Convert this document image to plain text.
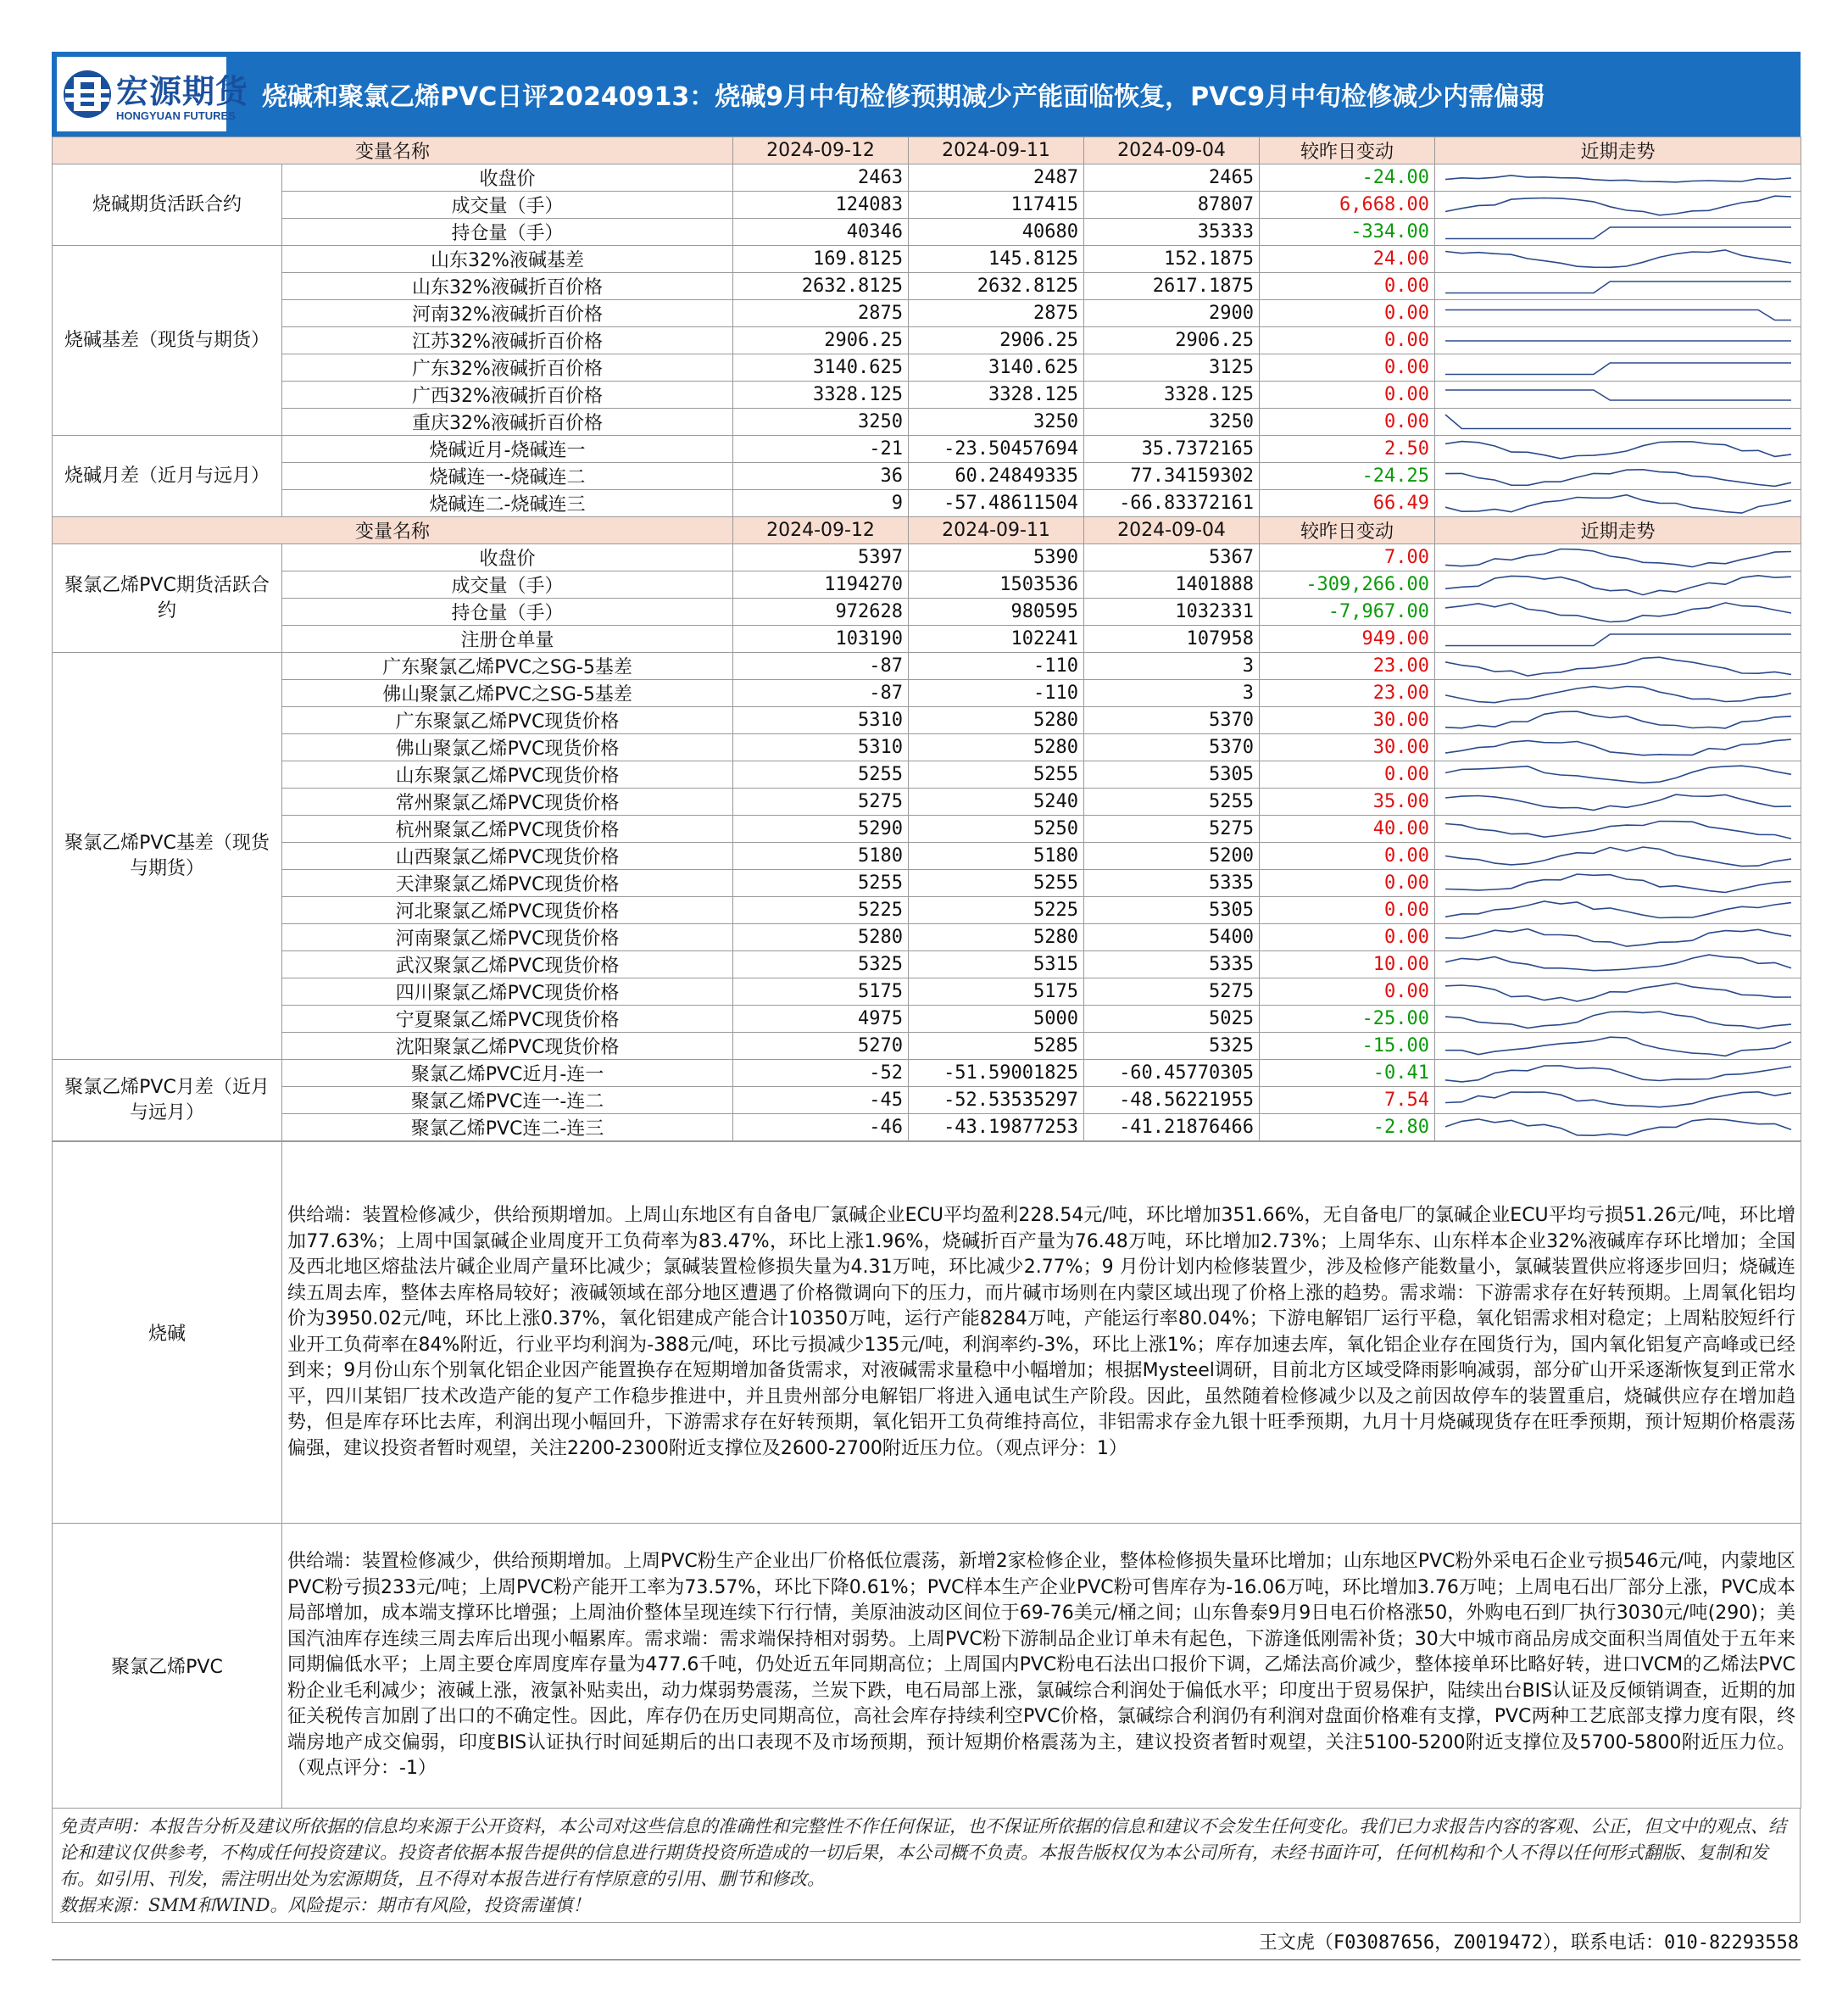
宏源期货
HONGYUAN FUTURES
烧碱和聚氯乙烯PVC日评20240913：烧碱9月中旬检修预期减少产能面临恢复，PVC9月中旬检修减少内需偏弱
变量名称		2024-09-12	2024-09-11	2024-09-04	较昨日变动	近期走势
烧碱期货活跃合约	收盘价	2463	2487	2465	-24.00	

	成交量（手）	124083	117415	87807	6,668.00	

	持仓量（手）	40346	40680	35333	-334.00	

烧碱基差（现货与期货）	山东32%液碱基差	169.8125	145.8125	152.1875	24.00	

	山东32%液碱折百价格	2632.8125	2632.8125	2617.1875	0.00	

	河南32%液碱折百价格	2875	2875	2900	0.00	

	江苏32%液碱折百价格	2906.25	2906.25	2906.25	0.00	

	广东32%液碱折百价格	3140.625	3140.625	3125	0.00	

	广西32%液碱折百价格	3328.125	3328.125	3328.125	0.00	

	重庆32%液碱折百价格	3250	3250	3250	0.00	

烧碱月差（近月与远月）	烧碱近月-烧碱连一	-21	-23.50457694	35.7372165	2.50	

	烧碱连一-烧碱连二	36	60.24849335	77.34159302	-24.25	

	烧碱连二-烧碱连三	9	-57.48611504	-66.83372161	66.49	

变量名称		2024-09-12	2024-09-11	2024-09-04	较昨日变动	近期走势
聚氯乙烯PVC期货活跃合约	收盘价	5397	5390	5367	7.00	

	成交量（手）	1194270	1503536	1401888	-309,266.00	

	持仓量（手）	972628	980595	1032331	-7,967.00	

	注册仓单量	103190	102241	107958	949.00	

聚氯乙烯PVC基差（现货与期货）	广东聚氯乙烯PVC之SG-5基差	-87	-110	3	23.00	

	佛山聚氯乙烯PVC之SG-5基差	-87	-110	3	23.00	

	广东聚氯乙烯PVC现货价格	5310	5280	5370	30.00	

	佛山聚氯乙烯PVC现货价格	5310	5280	5370	30.00	

	山东聚氯乙烯PVC现货价格	5255	5255	5305	0.00	

	常州聚氯乙烯PVC现货价格	5275	5240	5255	35.00	

	杭州聚氯乙烯PVC现货价格	5290	5250	5275	40.00	

	山西聚氯乙烯PVC现货价格	5180	5180	5200	0.00	

	天津聚氯乙烯PVC现货价格	5255	5255	5335	0.00	

	河北聚氯乙烯PVC现货价格	5225	5225	5305	0.00	

	河南聚氯乙烯PVC现货价格	5280	5280	5400	0.00	

	武汉聚氯乙烯PVC现货价格	5325	5315	5335	10.00	

	四川聚氯乙烯PVC现货价格	5175	5175	5275	0.00	

	宁夏聚氯乙烯PVC现货价格	4975	5000	5025	-25.00	

	沈阳聚氯乙烯PVC现货价格	5270	5285	5325	-15.00	

聚氯乙烯PVC月差（近月与远月）	聚氯乙烯PVC近月-连一	-52	-51.59001825	-60.45770305	-0.41	

	聚氯乙烯PVC连一-连二	-45	-52.53535297	-48.56221955	7.54	

	聚氯乙烯PVC连二-连三	-46	-43.19877253	-41.21876466	-2.80	
烧碱	供给端：装置检修减少，供给预期增加。上周山东地区有自备电厂氯碱企业ECU平均盈利228.54元/吨，环比增加351.66%，无自备电厂的氯碱企业ECU平均亏损51.26元/吨，环比增加77.63%；上周中国氯碱企业周度开工负荷率为83.47%，环比上涨1.96%，烧碱折百产量为76.48万吨，环比增加2.73%；上周华东、山东样本企业32%液碱库存环比增加；全国及西北地区熔盐法片碱企业周产量环比减少；氯碱装置检修损失量为4.31万吨，环比减少2.77%；9 月份计划内检修装置少，涉及检修产能数量小，氯碱装置供应将逐步回归；烧碱连续五周去库，整体去库格局较好；液碱领域在部分地区遭遇了价格微调向下的压力，而片碱市场则在内蒙区域出现了价格上涨的趋势。需求端：下游需求存在好转预期。上周氧化铝均价为3950.02元/吨，环比上涨0.37%，氧化铝建成产能合计10350万吨，运行产能8284万吨，产能运行率80.04%；下游电解铝厂运行平稳，氧化铝需求相对稳定；上周粘胶短纤行业开工负荷率在84%附近，行业平均利润为-388元/吨，环比亏损减少135元/吨，利润率约-3%，环比上涨1%；库存加速去库，氧化铝企业存在囤货行为，国内氧化铝复产高峰或已经到来；9月份山东个别氧化铝企业因产能置换存在短期增加备货需求，对液碱需求量稳中小幅增加；根据Mysteel调研，目前北方区域受降雨影响减弱，部分矿山开采逐渐恢复到正常水平，四川某铝厂技术改造产能的复产工作稳步推进中，并且贵州部分电解铝厂将进入通电试生产阶段。因此，虽然随着检修减少以及之前因故停车的装置重启，烧碱供应存在增加趋势，但是库存环比去库，利润出现小幅回升，下游需求存在好转预期，氧化铝开工负荷维持高位，非铝需求存金九银十旺季预期，九月十月烧碱现货存在旺季预期，预计短期价格震荡偏强，建议投资者暂时观望，关注2200-2300附近支撑位及2600-2700附近压力位。（观点评分：1）
聚氯乙烯PVC	供给端：装置检修减少，供给预期增加。上周PVC粉生产企业出厂价格低位震荡，新增2家检修企业，整体检修损失量环比增加；山东地区PVC粉外采电石企业亏损546元/吨，内蒙地区PVC粉亏损233元/吨；上周PVC粉产能开工率为73.57%，环比下降0.61%；PVC样本生产企业PVC粉可售库存为-16.06万吨，环比增加3.76万吨；上周电石出厂部分上涨，PVC成本局部增加，成本端支撑环比增强；上周油价整体呈现连续下行行情，美原油波动区间位于69-76美元/桶之间；山东鲁泰9月9日电石价格涨50，外购电石到厂执行3030元/吨(290)；美国汽油库存连续三周去库后出现小幅累库。需求端：需求端保持相对弱势。上周PVC粉下游制品企业订单未有起色，下游逢低刚需补货；30大中城市商品房成交面积当周值处于五年来同期偏低水平；上周主要仓库周度库存量为477.6千吨，仍处近五年同期高位；上周国内PVC粉电石法出口报价下调，乙烯法高价减少，整体接单环比略好转，进口VCM的乙烯法PVC粉企业毛利减少；液碱上涨，液氯补贴卖出，动力煤弱势震荡，兰炭下跌，电石局部上涨，氯碱综合利润处于偏低水平；印度出于贸易保护，陆续出台BIS认证及反倾销调查，近期的加征关税传言加剧了出口的不确定性。因此，库存仍在历史同期高位，高社会库存持续利空PVC价格，氯碱综合利润仍有利润对盘面价格难有支撑，PVC两种工艺底部支撑力度有限，终端房地产成交偏弱，印度BIS认证执行时间延期后的出口表现不及市场预期，预计短期价格震荡为主，建议投资者暂时观望，关注5100-5200附近支撑位及5700-5800附近压力位。（观点评分：-1）
免责声明：本报告分析及建议所依据的信息均来源于公开资料，本公司对这些信息的准确性和完整性不作任何保证，也不保证所依据的信息和建议不会发生任何变化。我们已力求报告内容的客观、公正，但文中的观点、结论和建议仅供参考，不构成任何投资建议。投资者依据本报告提供的信息进行期货投资所造成的一切后果，本公司概不负责。本报告版权仅为本公司所有，未经书面许可，任何机构和个人不得以任何形式翻版、复制和发布。如引用、刊发，需注明出处为宏源期货，且不得对本报告进行有悖原意的引用、删节和修改。
数据来源：SMM和WIND。风险提示：期市有风险，投资需谨慎！
王文虎（F03087656，Z0019472），联系电话：010-82293558
